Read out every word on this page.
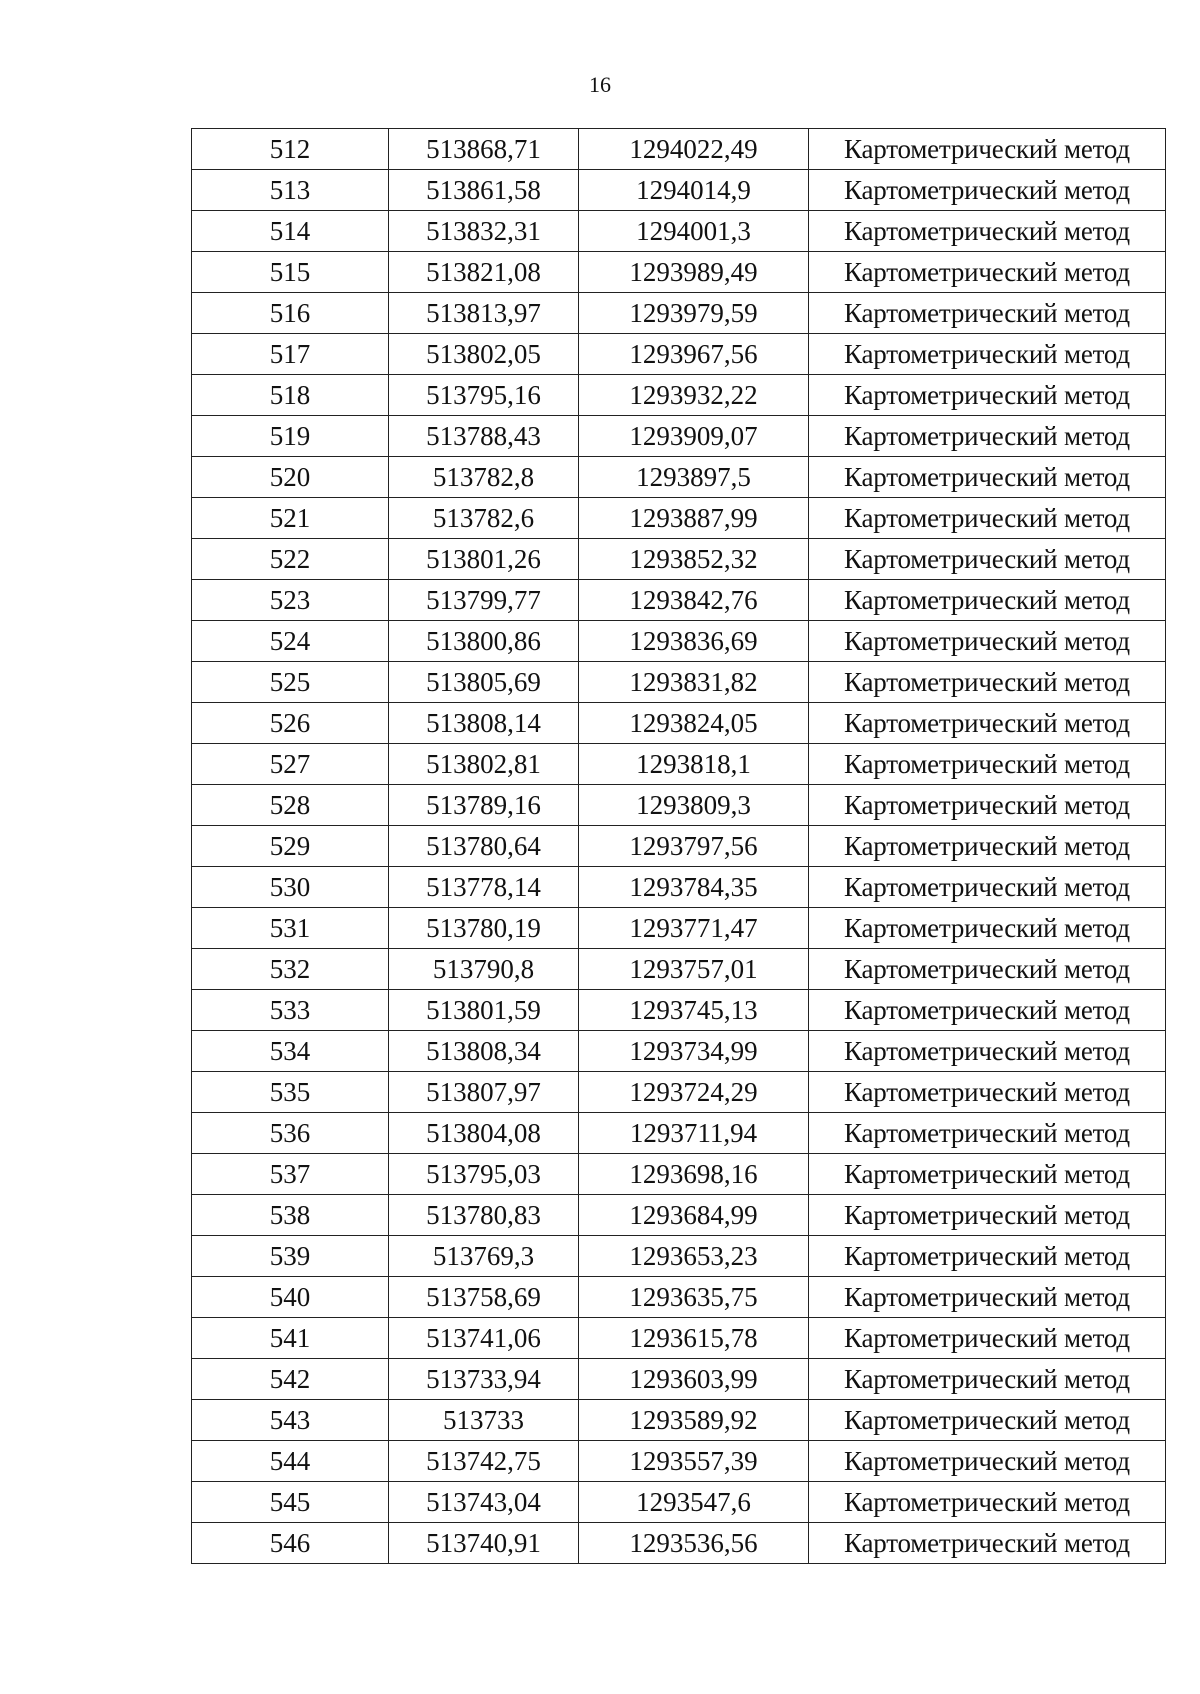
16
512	513868,71	1294022,49	Картометрический метод
513	513861,58	1294014,9	Картометрический метод
514	513832,31	1294001,3	Картометрический метод
515	513821,08	1293989,49	Картометрический метод
516	513813,97	1293979,59	Картометрический метод
517	513802,05	1293967,56	Картометрический метод
518	513795,16	1293932,22	Картометрический метод
519	513788,43	1293909,07	Картометрический метод
520	513782,8	1293897,5	Картометрический метод
521	513782,6	1293887,99	Картометрический метод
522	513801,26	1293852,32	Картометрический метод
523	513799,77	1293842,76	Картометрический метод
524	513800,86	1293836,69	Картометрический метод
525	513805,69	1293831,82	Картометрический метод
526	513808,14	1293824,05	Картометрический метод
527	513802,81	1293818,1	Картометрический метод
528	513789,16	1293809,3	Картометрический метод
529	513780,64	1293797,56	Картометрический метод
530	513778,14	1293784,35	Картометрический метод
531	513780,19	1293771,47	Картометрический метод
532	513790,8	1293757,01	Картометрический метод
533	513801,59	1293745,13	Картометрический метод
534	513808,34	1293734,99	Картометрический метод
535	513807,97	1293724,29	Картометрический метод
536	513804,08	1293711,94	Картометрический метод
537	513795,03	1293698,16	Картометрический метод
538	513780,83	1293684,99	Картометрический метод
539	513769,3	1293653,23	Картометрический метод
540	513758,69	1293635,75	Картометрический метод
541	513741,06	1293615,78	Картометрический метод
542	513733,94	1293603,99	Картометрический метод
543	513733	1293589,92	Картометрический метод
544	513742,75	1293557,39	Картометрический метод
545	513743,04	1293547,6	Картометрический метод
546	513740,91	1293536,56	Картометрический метод
